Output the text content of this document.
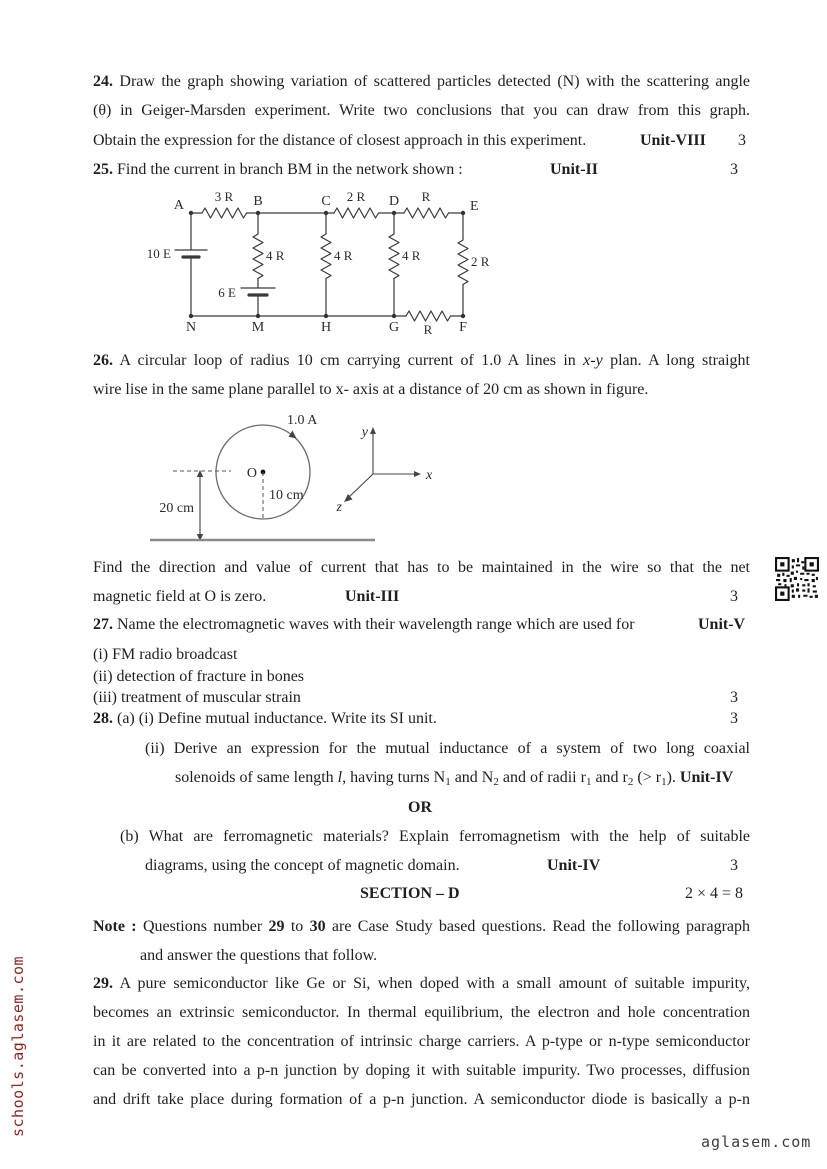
24. Draw the graph showing variation of scattered particles detected (N) with the scattering angle
(θ) in Geiger-Marsden experiment. Write two conclusions that you can draw from this graph.
Obtain the expression for the distance of closest approach in this experiment.	Unit-VIII 3
25. Find the current in branch BM in the network shown :	Unit-II	3
26. A circular loop of radius 10 cm carrying current of 1.0 A lines in x-y plan. A long straight
wire lise in the same plane parallel to x- axis at a distance of 20 cm as shown in figure.
Find the direction and value of current that has to be maintained in the wire so that the net
magnetic field at O is zero.	Unit-III	3
27. Name the electromagnetic waves with their wavelength range which are used for	Unit-V
(i) FM radio broadcast
(ii) detection of fracture in bones
(iii) treatment of muscular strain	3
28. (a) (i) Define mutual inductance. Write its SI unit.	3
(ii) Derive an expression for the mutual inductance of a system of two long coaxial
solenoids of same length l, having turns $N_1$ and $N_2$ and of radii $r_1$ and $r_2$ (> $r_1$). Unit-IV
OR
(b) What are ferromagnetic materials? Explain ferromagnetism with the help of suitable
diagrams, using the concept of magnetic domain.	Unit-IV	3
SECTION – D	2 × 4 = 8
Note : Questions number 29 to 30 are Case Study based questions. Read the following paragraph
and answer the questions that follow.
29. A pure semiconductor like Ge or Si, when doped with a small amount of suitable impurity,
becomes an extrinsic semiconductor. In thermal equilibrium, the electron and hole concentration
in it are related to the concentration of intrinsic charge carriers. A p-type or n-type semiconductor
can be converted into a p-n junction by doping it with suitable impurity. Two processes, diffusion
and drift take place during formation of a p-n junction. A semiconductor diode is basically a p-n
A	B	C	D	E
N	M	H	G	F
3 R	2 R	R
4 R	4 R	4 R	2 R
R
10 E
6 E
1.0 A
O
10 cm
20 cm
x
y
z
schools.aglasem.com
aglasem.com
